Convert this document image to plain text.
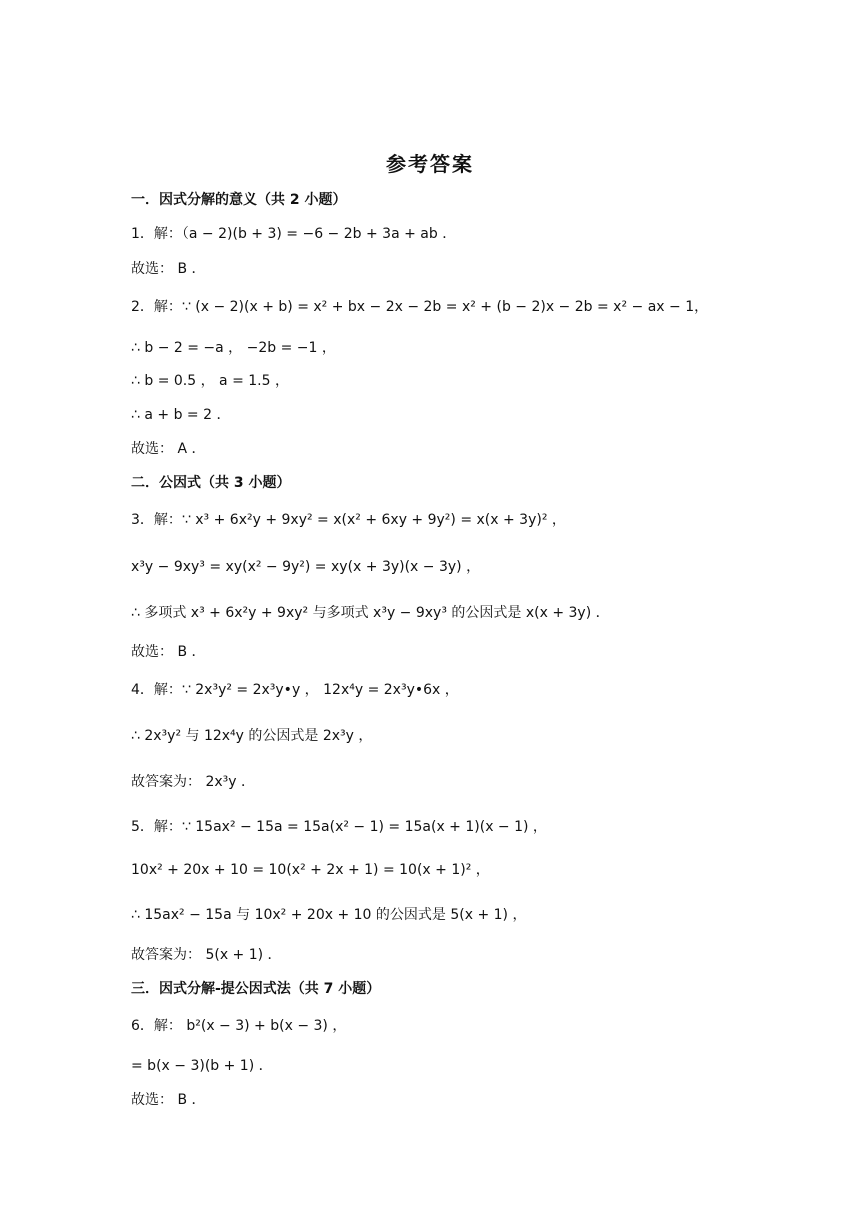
参考答案
一．因式分解的意义（共 2 小题）
1．解：（a − 2)(b + 3) = −6 − 2b + 3a + ab ．
故选： B ．
2．解：∵ (x − 2)(x + b) = x² + bx − 2x − 2b = x² + (b − 2)x − 2b = x² − ax − 1，
∴ b − 2 = −a ， −2b = −1 ，
∴ b = 0.5 ， a = 1.5 ，
∴ a + b = 2 ．
故选： A ．
二．公因式（共 3 小题）
3．解：∵ x³ + 6x²y + 9xy² = x(x² + 6xy + 9y²) = x(x + 3y)² ，
x³y − 9xy³ = xy(x² − 9y²) = xy(x + 3y)(x − 3y) ，
∴ 多项式 x³ + 6x²y + 9xy² 与多项式 x³y − 9xy³ 的公因式是 x(x + 3y) ．
故选： B ．
4．解：∵ 2x³y² = 2x³y•y ， 12x⁴y = 2x³y•6x ，
∴ 2x³y² 与 12x⁴y 的公因式是 2x³y ，
故答案为： 2x³y ．
5．解：∵ 15ax² − 15a = 15a(x² − 1) = 15a(x + 1)(x − 1) ，
10x² + 20x + 10 = 10(x² + 2x + 1) = 10(x + 1)² ，
∴ 15ax² − 15a 与 10x² + 20x + 10 的公因式是 5(x + 1) ，
故答案为： 5(x + 1) ．
三．因式分解-提公因式法（共 7 小题）
6．解： b²(x − 3) + b(x − 3) ，
= b(x − 3)(b + 1) ．
故选： B ．
